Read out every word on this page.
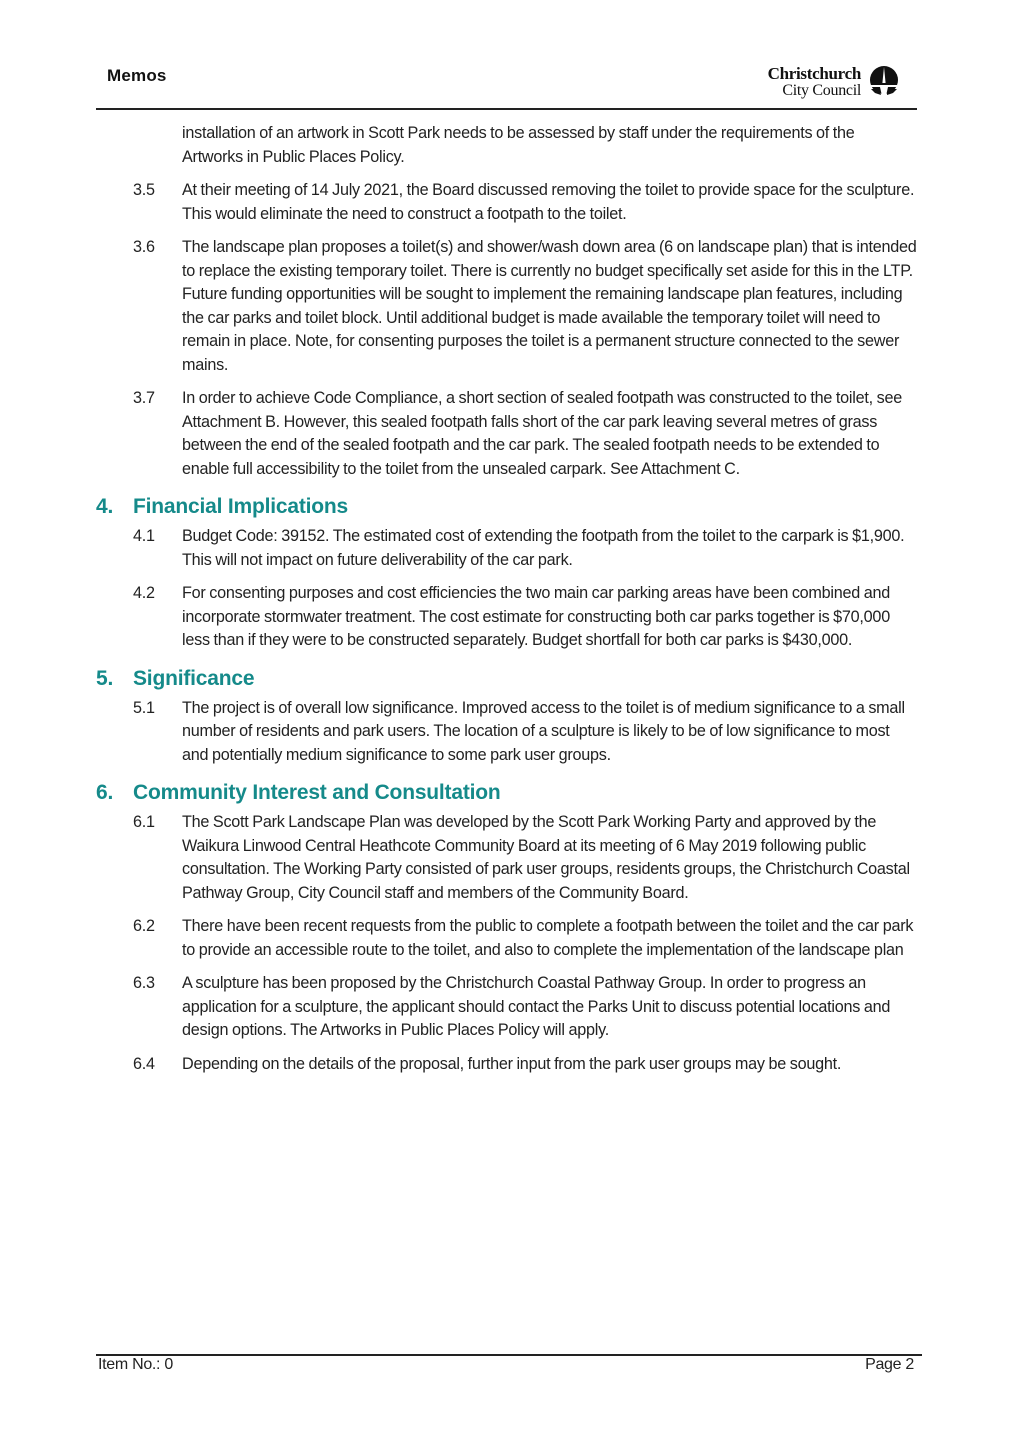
Memos	Christchurch
City Council
installation of an artwork in Scott Park needs to be assessed by staff under the requirements of the Artworks in Public Places Policy.
3.5 At their meeting of 14 July 2021, the Board discussed removing the toilet to provide space for the sculpture. This would eliminate the need to construct a footpath to the toilet.
3.6 The landscape plan proposes a toilet(s) and shower/wash down area (6 on landscape plan) that is intended to replace the existing temporary toilet. There is currently no budget specifically set aside for this in the LTP. Future funding opportunities will be sought to implement the remaining landscape plan features, including the car parks and toilet block. Until additional budget is made available the temporary toilet will need to remain in place. Note, for consenting purposes the toilet is a permanent structure connected to the sewer mains.
3.7 In order to achieve Code Compliance, a short section of sealed footpath was constructed to the toilet, see Attachment B. However, this sealed footpath falls short of the car park leaving several metres of grass between the end of the sealed footpath and the car park. The sealed footpath needs to be extended to enable full accessibility to the toilet from the unsealed carpark. See Attachment C.
4. Financial Implications
4.1 Budget Code: 39152. The estimated cost of extending the footpath from the toilet to the carpark is $1,900. This will not impact on future deliverability of the car park.
4.2 For consenting purposes and cost efficiencies the two main car parking areas have been combined and incorporate stormwater treatment. The cost estimate for constructing both car parks together is $70,000 less than if they were to be constructed separately. Budget shortfall for both car parks is $430,000.
5. Significance
5.1 The project is of overall low significance. Improved access to the toilet is of medium significance to a small number of residents and park users. The location of a sculpture is likely to be of low significance to most and potentially medium significance to some park user groups.
6. Community Interest and Consultation
6.1 The Scott Park Landscape Plan was developed by the Scott Park Working Party and approved by the Waikura Linwood Central Heathcote Community Board at its meeting of 6 May 2019 following public consultation. The Working Party consisted of park user groups, residents groups, the Christchurch Coastal Pathway Group, City Council staff and members of the Community Board.
6.2 There have been recent requests from the public to complete a footpath between the toilet and the car park to provide an accessible route to the toilet, and also to complete the implementation of the landscape plan
6.3 A sculpture has been proposed by the Christchurch Coastal Pathway Group. In order to progress an application for a sculpture, the applicant should contact the Parks Unit to discuss potential locations and design options. The Artworks in Public Places Policy will apply.
6.4 Depending on the details of the proposal, further input from the park user groups may be sought.
Item No.: 0	Page 2
